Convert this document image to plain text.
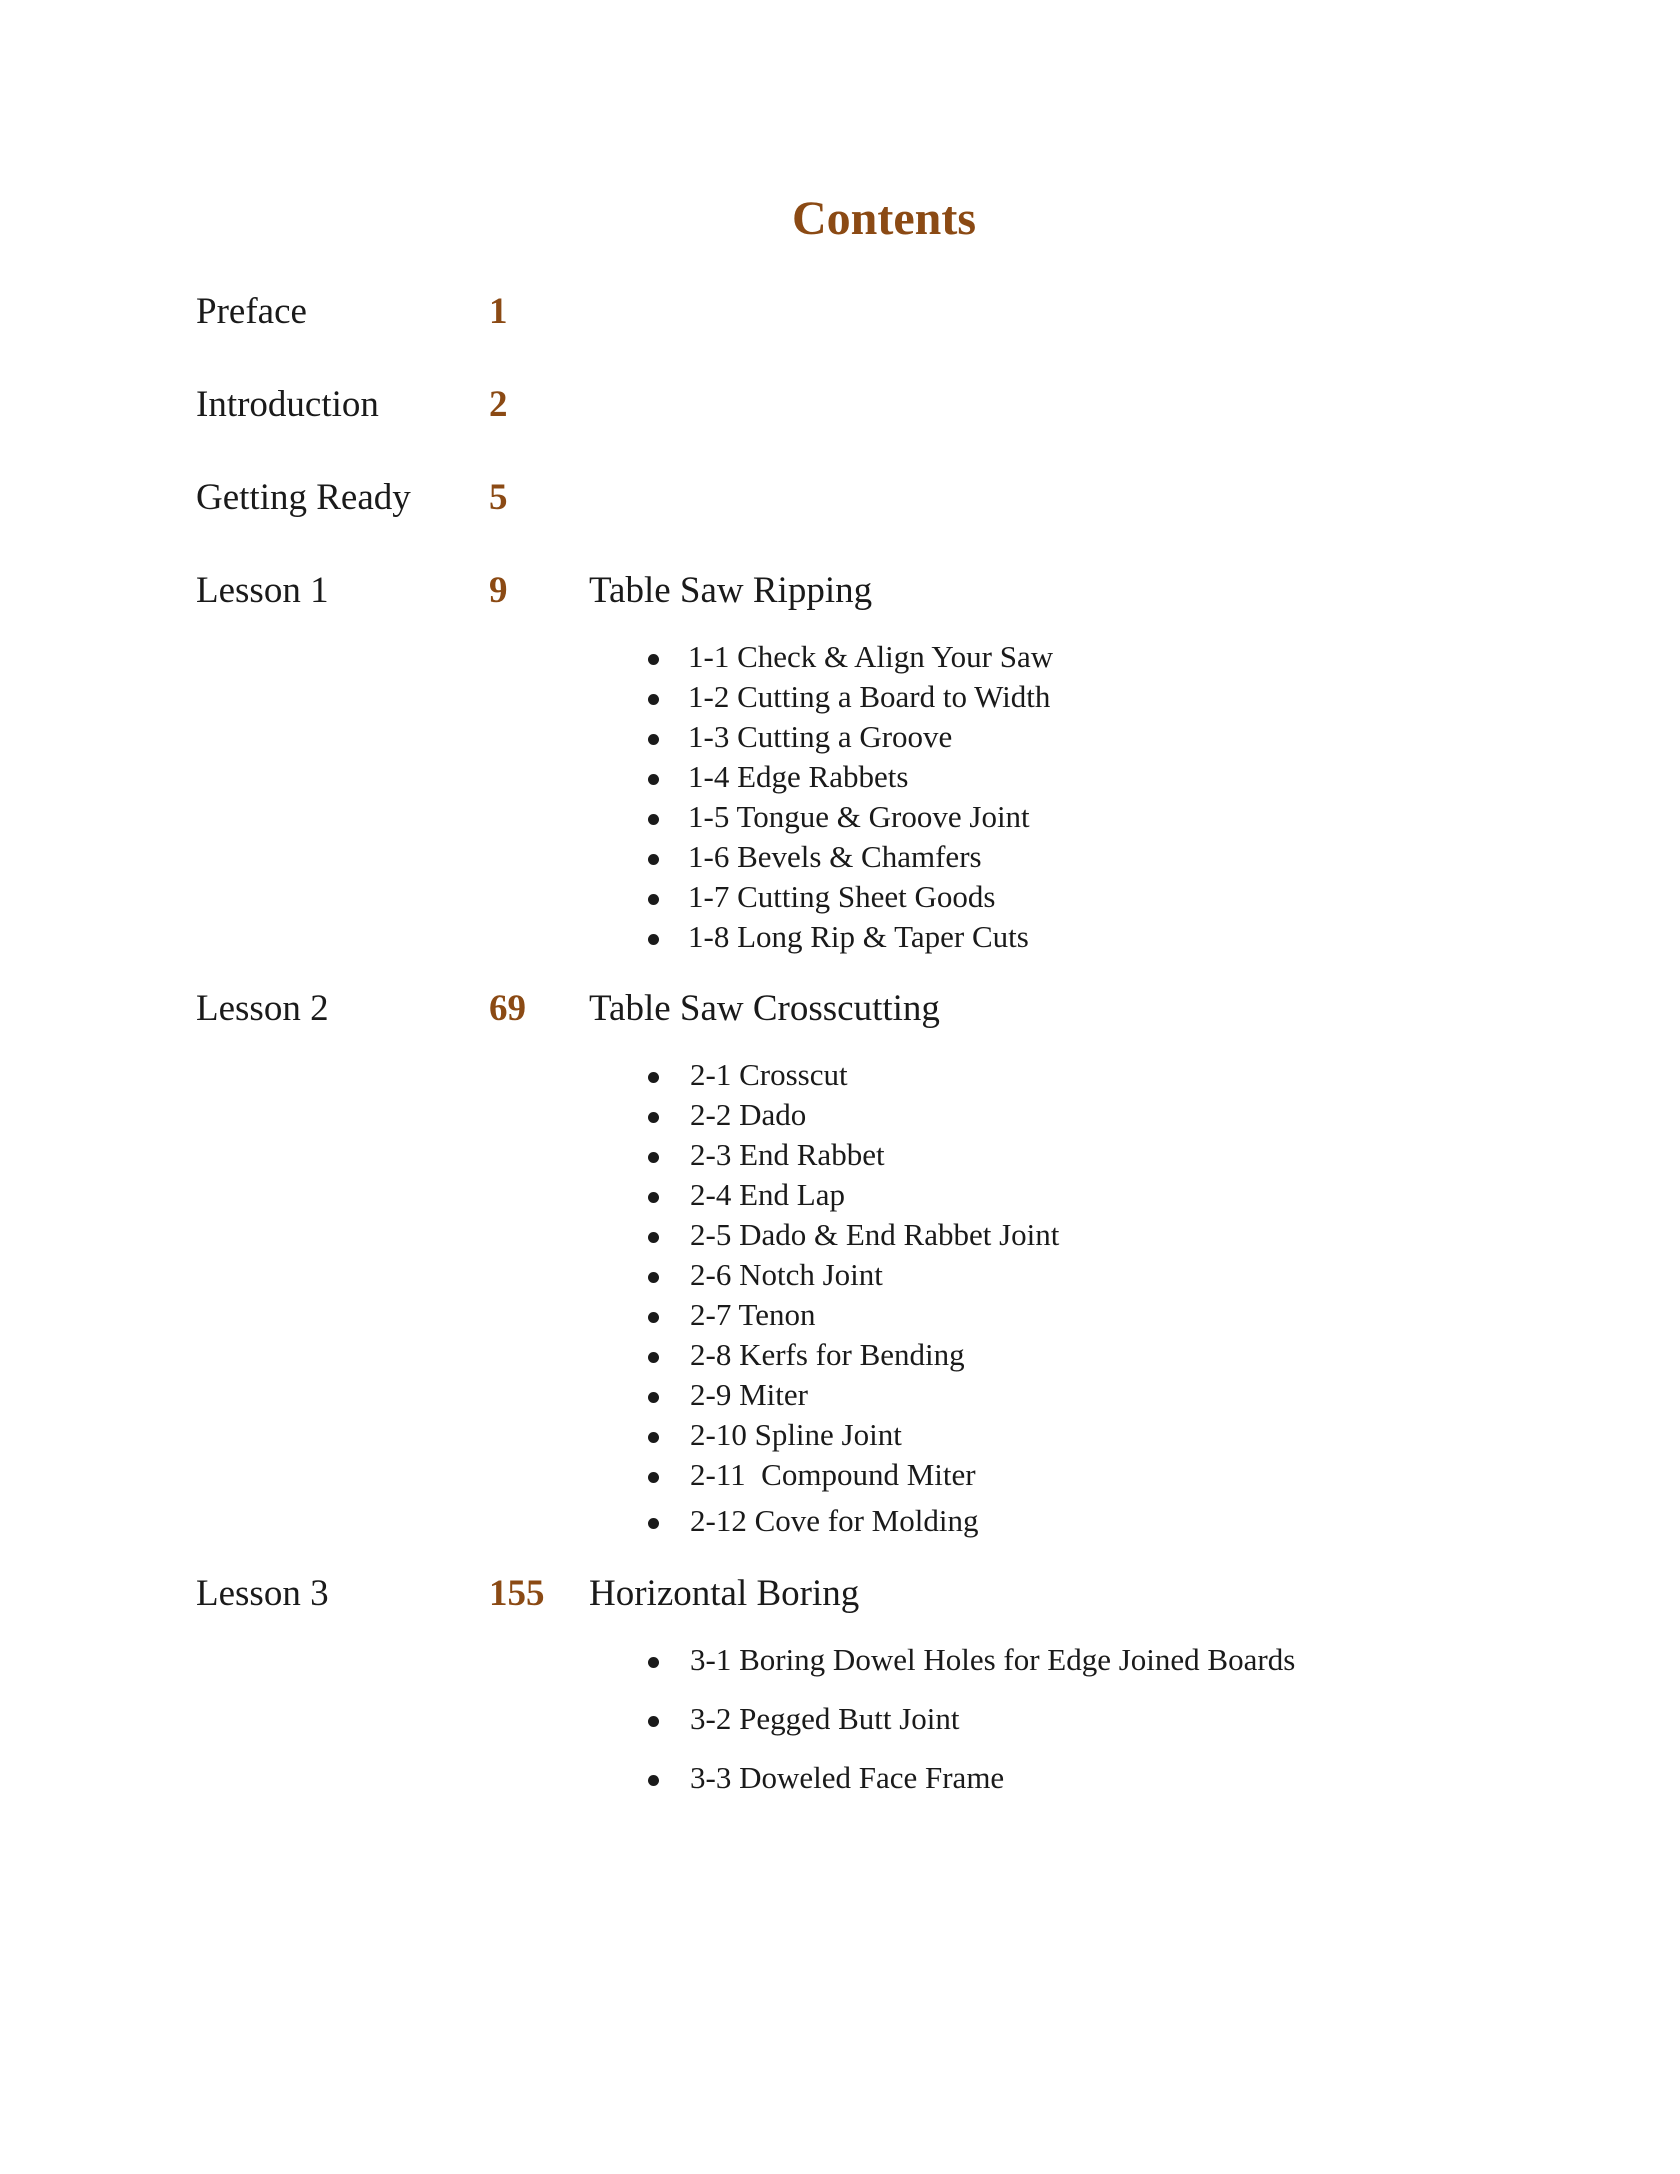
Contents
Preface	1
Introduction	2
Getting Ready 5
Lesson 1	9 Table Saw Ripping
1-1 Check & Align Your Saw
1-2 Cutting a Board to Width
1-3 Cutting a Groove
1-4 Edge Rabbets
1-5 Tongue & Groove Joint
1-6 Bevels & Chamfers
1-7 Cutting Sheet Goods
1-8 Long Rip & Taper Cuts
Lesson 2	69 Table Saw Crosscutting
2-1 Crosscut
2-2 Dado
2-3 End Rabbet
2-4 End Lap
2-5 Dado & End Rabbet Joint
2-6 Notch Joint
2-7 Tenon
2-8 Kerfs for Bending
2-9 Miter
2-10 Spline Joint
2-11  Compound Miter
2-12 Cove for Molding
Lesson 3	155 Horizontal Boring
3-1 Boring Dowel Holes for Edge Joined Boards
3-2 Pegged Butt Joint
3-3 Doweled Face Frame
